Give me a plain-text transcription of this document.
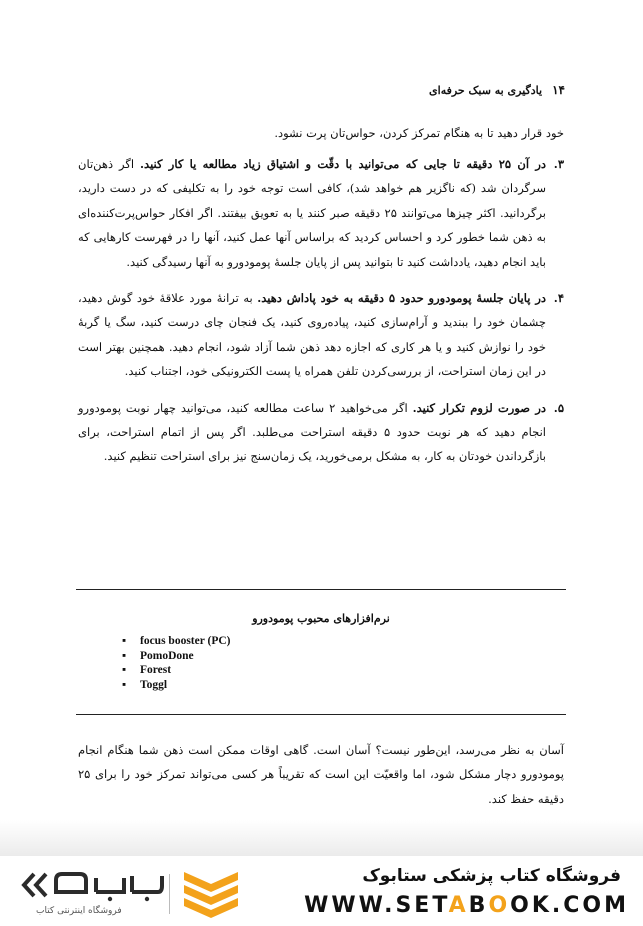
۱۴
یادگیری به سبک حرفه‌ای
خود قرار دهید تا به هنگام تمرکز کردن، حواس‌تان پرت نشود.
۳.
در آن ۲۵ دقیقه تا جایی که می‌توانید با دقّت و اشتیاق زیاد مطالعه یا کار کنید. اگر ذهن‌تان سرگردان شد (که ناگزیر هم خواهد شد)، کافی است توجه خود را به تکلیفی که در دست دارید، برگردانید. اکثر چیزها می‌توانند ۲۵ دقیقه صبر کنند یا به تعویق بیفتند. اگر افکار حواس‌پرت‌کننده‌ای به ذهن شما خطور کرد و احساس کردید که براساس آنها عمل کنید، آنها را در فهرست کارهایی که باید انجام دهید، یادداشت کنید تا بتوانید پس از پایان جلسهٔ پومودورو به آنها رسیدگی کنید.
۴.
در پایان جلسهٔ پومودورو حدود ۵ دقیقه به خود پاداش دهید. به ترانهٔ مورد علاقهٔ خود گوش دهید، چشمان خود را ببندید و آرام‌سازی کنید، پیاده‌روی کنید، یک فنجان چای درست کنید، سگ یا گربهٔ خود را نوازش کنید و یا هر کاری که اجازه دهد ذهن شما آزاد شود، انجام دهید. همچنین بهتر است در این زمان استراحت، از بررسی‌کردن تلفن همراه یا پست الکترونیکی خود، اجتناب کنید.
۵.
در صورت لزوم تکرار کنید. اگر می‌خواهید ۲ ساعت مطالعه کنید، می‌توانید چهار نوبت پومودورو انجام دهید که هر نوبت حدود ۵ دقیقه استراحت می‌طلبد. اگر پس از اتمام استراحت، برای بازگرداندن خودتان به کار، به مشکل برمی‌خورید، یک زمان‌سنج نیز برای استراحت تنظیم کنید.
نرم‌افزارهای محبوب پومودورو
▪ focus booster (PC)
▪ PomoDone
▪ Forest
▪ Toggl
آسان به نظر می‌رسد، این‌طور نیست؟ آسان است. گاهی اوقات ممکن است ذهن شما هنگام انجام پومودورو دچار مشکل شود، اما واقعیّت این است که تقریباً هر کسی می‌تواند تمرکز خود را برای ۲۵ دقیقه حفظ کند.
فروشگاه اینترنتی کتاب
فروشگاه کتاب پزشکی ستابوک
WWW.SETABOOK.COM
